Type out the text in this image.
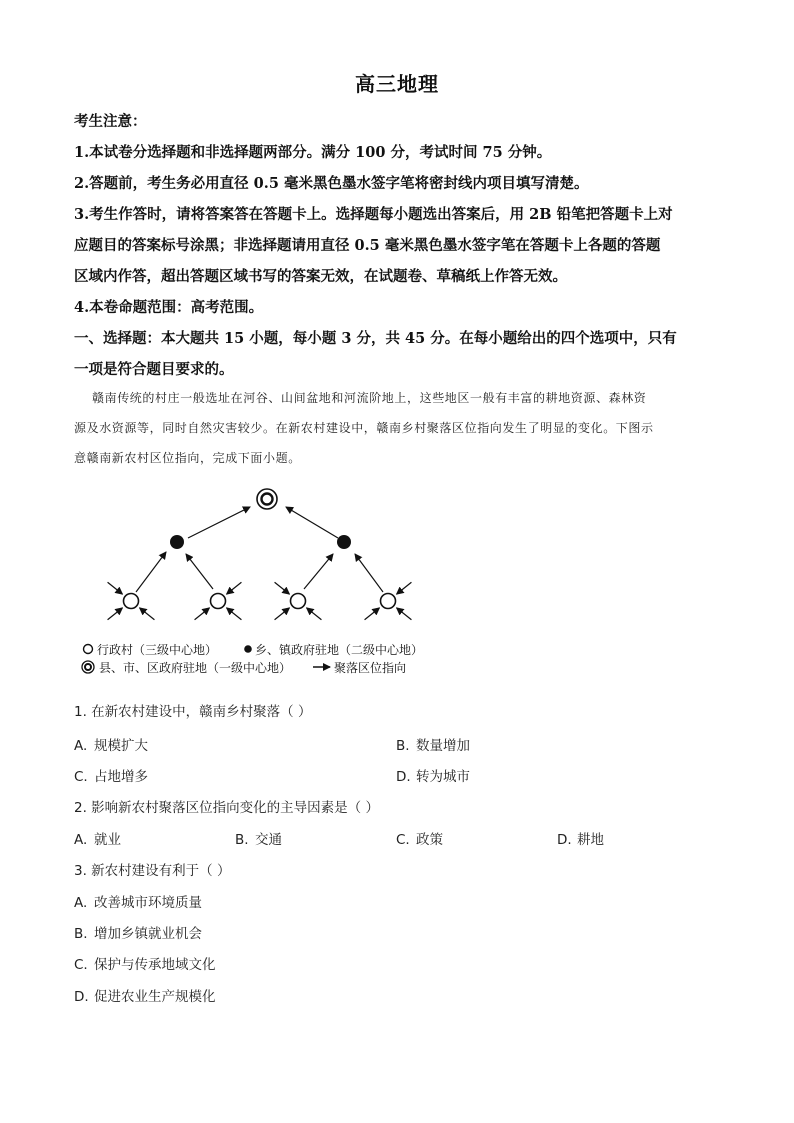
高三地理
考生注意：
1.本试卷分选择题和非选择题两部分。满分 100 分，考试时间 75 分钟。
2.答题前，考生务必用直径 0.5 毫米黑色墨水签字笔将密封线内项目填写清楚。
3.考生作答时，请将答案答在答题卡上。选择题每小题选出答案后，用 2B 铅笔把答题卡上对
应题目的答案标号涂黑；非选择题请用直径 0.5 毫米黑色墨水签字笔在答题卡上各题的答题
区域内作答，超出答题区域书写的答案无效，在试题卷、草稿纸上作答无效。
4.本卷命题范围：高考范围。
一、选择题：本大题共 15 小题，每小题 3 分，共 45 分。在每小题给出的四个选项中，只有
一项是符合题目要求的。
赣南传统的村庄一般选址在河谷、山间盆地和河流阶地上，这些地区一般有丰富的耕地资源、森林资
源及水资源等，同时自然灾害较少。在新农村建设中，赣南乡村聚落区位指向发生了明显的变化。下图示
意赣南新农村区位指向，完成下面小题。
行政村（三级中心地）	乡、镇政府驻地（二级中心地）
县、市、区政府驻地（一级中心地）	聚落区位指向
1. 在新农村建设中，赣南乡村聚落（ ）
A. 规模扩大	B. 数量增加
C. 占地增多	D. 转为城市
2. 影响新农村聚落区位指向变化的主导因素是（ ）
A. 就业	B. 交通	C. 政策	D. 耕地
3. 新农村建设有利于（ ）
A. 改善城市环境质量
B. 增加乡镇就业机会
C. 保护与传承地域文化
D. 促进农业生产规模化
